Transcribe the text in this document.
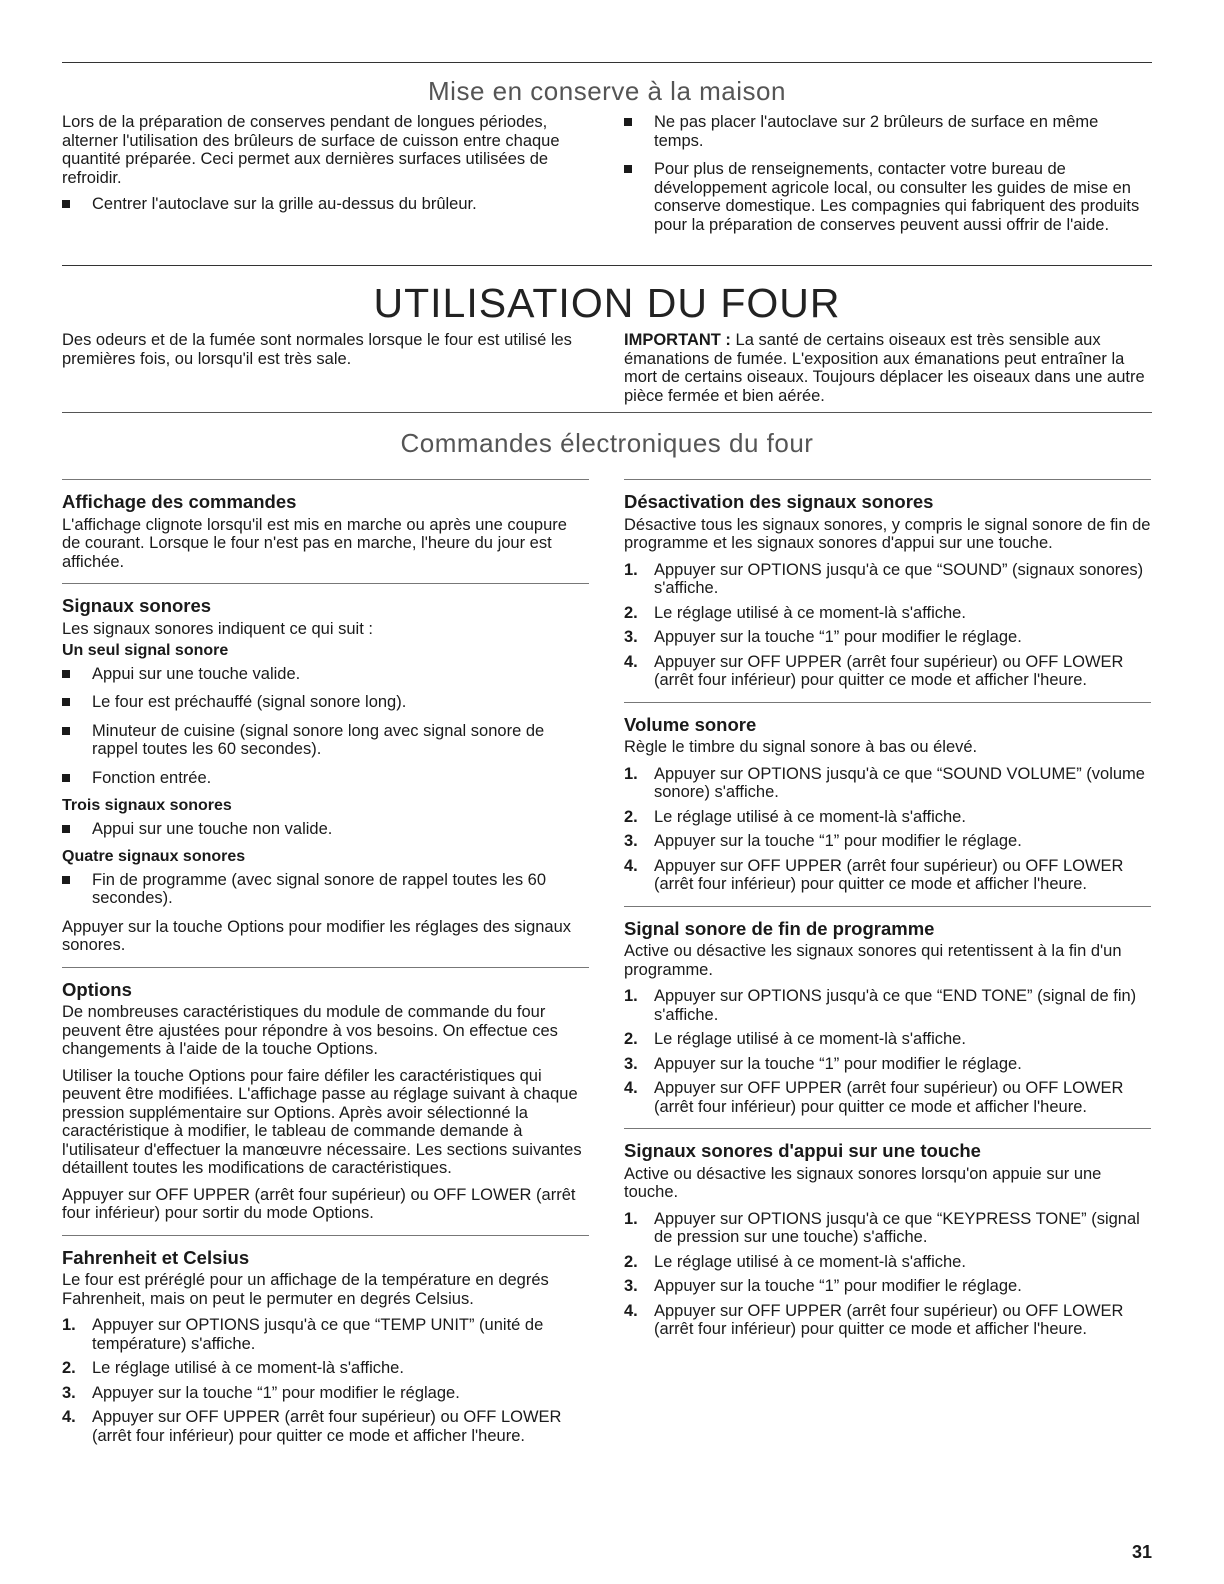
Mise en conserve à la maison

Lors de la préparation de conserves pendant de longues périodes, alterner l'utilisation des brûleurs de surface de cuisson entre chaque quantité préparée. Ceci permet aux dernières surfaces utilisées de refroidir.

Centrer l'autoclave sur la grille au-dessus du brûleur.
Ne pas placer l'autoclave sur 2 brûleurs de surface en même temps.
Pour plus de renseignements, contacter votre bureau de développement agricole local, ou consulter les guides de mise en conserve domestique. Les compagnies qui fabriquent des produits pour la préparation de conserves peuvent aussi offrir de l'aide.
UTILISATION DU FOUR

Des odeurs et de la fumée sont normales lorsque le four est utilisé les premières fois, ou lorsqu'il est très sale.

IMPORTANT : La santé de certains oiseaux est très sensible aux émanations de fumée. L'exposition aux émanations peut entraîner la mort de certains oiseaux. Toujours déplacer les oiseaux dans une autre pièce fermée et bien aérée.

Commandes électroniques du four
Affichage des commandes

L'affichage clignote lorsqu'il est mis en marche ou après une coupure de courant. Lorsque le four n'est pas en marche, l'heure du jour est affichée.

Signaux sonores

Les signaux sonores indiquent ce qui suit :

Un seul signal sonore
Appui sur une touche valide.
Le four est préchauffé (signal sonore long).
Minuteur de cuisine (signal sonore long avec signal sonore de rappel toutes les 60 secondes).
Fonction entrée.
Trois signaux sonores
Appui sur une touche non valide.
Quatre signaux sonores
Fin de programme (avec signal sonore de rappel toutes les 60 secondes).

Appuyer sur la touche Options pour modifier les réglages des signaux sonores.

Options

De nombreuses caractéristiques du module de commande du four peuvent être ajustées pour répondre à vos besoins. On effectue ces changements à l'aide de la touche Options.

Utiliser la touche Options pour faire défiler les caractéristiques qui peuvent être modifiées. L'affichage passe au réglage suivant à chaque pression supplémentaire sur Options. Après avoir sélectionné la caractéristique à modifier, le tableau de commande demande à l'utilisateur d'effectuer la manœuvre nécessaire. Les sections suivantes détaillent toutes les modifications de caractéristiques.

Appuyer sur OFF UPPER (arrêt four supérieur) ou OFF LOWER (arrêt four inférieur) pour sortir du mode Options.

Fahrenheit et Celsius

Le four est préréglé pour un affichage de la température en degrés Fahrenheit, mais on peut le permuter en degrés Celsius.

1. Appuyer sur OPTIONS jusqu'à ce que “TEMP UNIT” (unité de température) s'affiche.
2. Le réglage utilisé à ce moment-là s'affiche.
3. Appuyer sur la touche “1” pour modifier le réglage.
4. Appuyer sur OFF UPPER (arrêt four supérieur) ou OFF LOWER (arrêt four inférieur) pour quitter ce mode et afficher l'heure.
Désactivation des signaux sonores

Désactive tous les signaux sonores, y compris le signal sonore de fin de programme et les signaux sonores d'appui sur une touche.

1. Appuyer sur OPTIONS jusqu'à ce que “SOUND” (signaux sonores) s'affiche.
2. Le réglage utilisé à ce moment-là s'affiche.
3. Appuyer sur la touche “1” pour modifier le réglage.
4. Appuyer sur OFF UPPER (arrêt four supérieur) ou OFF LOWER (arrêt four inférieur) pour quitter ce mode et afficher l'heure.
Volume sonore

Règle le timbre du signal sonore à bas ou élevé.

1. Appuyer sur OPTIONS jusqu'à ce que “SOUND VOLUME” (volume sonore) s'affiche.
2. Le réglage utilisé à ce moment-là s'affiche.
3. Appuyer sur la touche “1” pour modifier le réglage.
4. Appuyer sur OFF UPPER (arrêt four supérieur) ou OFF LOWER (arrêt four inférieur) pour quitter ce mode et afficher l'heure.
Signal sonore de fin de programme

Active ou désactive les signaux sonores qui retentissent à la fin d'un programme.

1. Appuyer sur OPTIONS jusqu'à ce que “END TONE” (signal de fin) s'affiche.
2. Le réglage utilisé à ce moment-là s'affiche.
3. Appuyer sur la touche “1” pour modifier le réglage.
4. Appuyer sur OFF UPPER (arrêt four supérieur) ou OFF LOWER (arrêt four inférieur) pour quitter ce mode et afficher l'heure.
Signaux sonores d'appui sur une touche

Active ou désactive les signaux sonores lorsqu'on appuie sur une touche.

1. Appuyer sur OPTIONS jusqu'à ce que “KEYPRESS TONE” (signal de pression sur une touche) s'affiche.
2. Le réglage utilisé à ce moment-là s'affiche.
3. Appuyer sur la touche “1” pour modifier le réglage.
4. Appuyer sur OFF UPPER (arrêt four supérieur) ou OFF LOWER (arrêt four inférieur) pour quitter ce mode et afficher l'heure.
31
